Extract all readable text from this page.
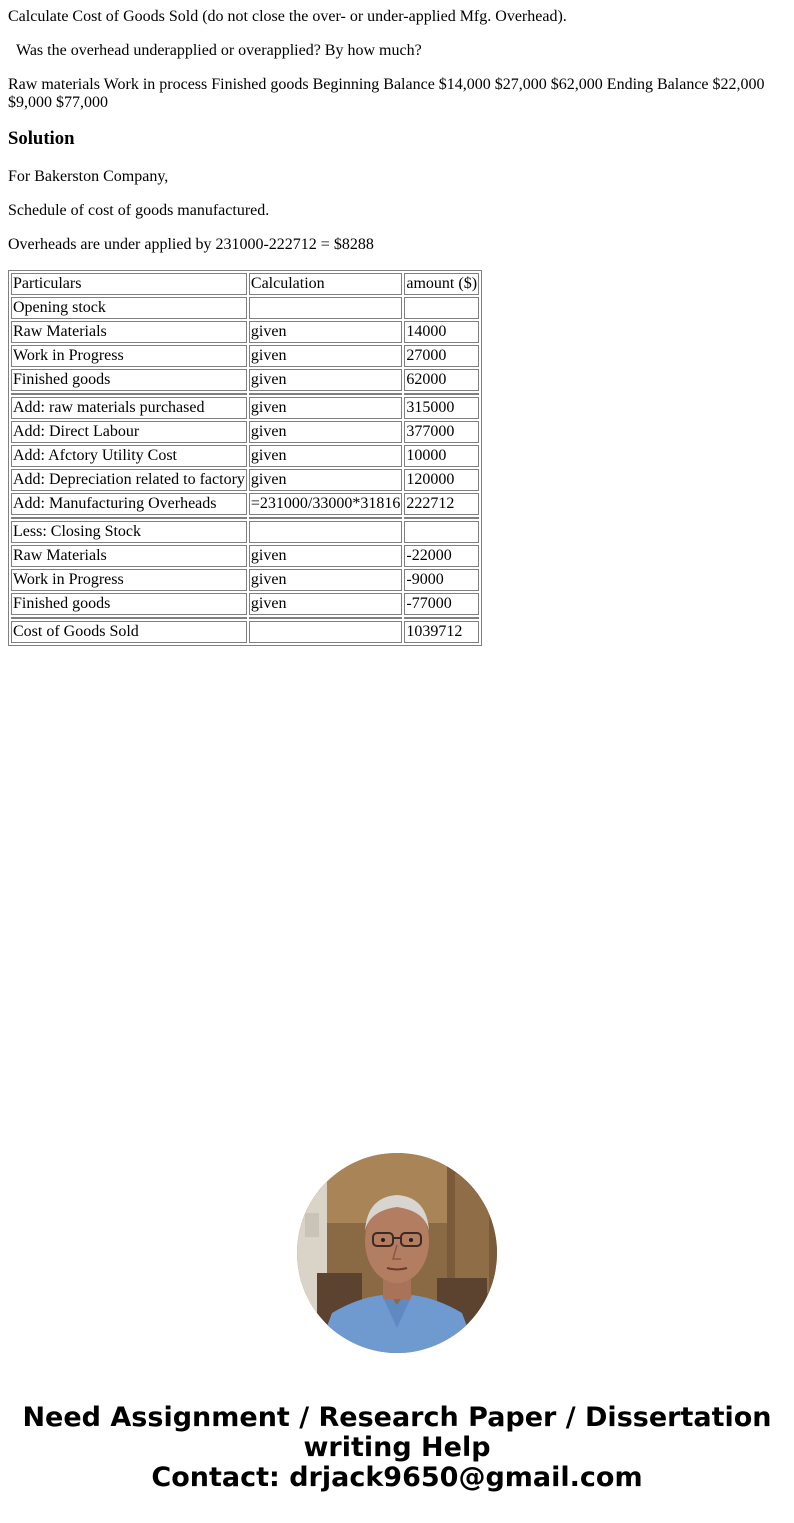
Calculate Cost of Goods Sold (do not close the over- or under-applied Mfg. Overhead).

Was the overhead underapplied or overapplied? By how much?

Raw materials Work in process Finished goods Beginning Balance $14,000 $27,000 $62,000 Ending Balance $22,000 $9,000 $77,000

Solution

For Bakerston Company,

Schedule of cost of goods manufactured.

Overheads are under applied by 231000-222712 = $8288

Particulars	Calculation	amount ($)
Opening stock		
Raw Materials	given	14000
Work in Progress	given	27000
Finished goods	given	62000

Add: raw materials purchased	given	315000
Add: Direct Labour	given	377000
Add: Afctory Utility Cost	given	10000
Add: Depreciation related to factory	given	120000
Add: Manufacturing Overheads	=231000/33000*31816	222712

Less: Closing Stock		
Raw Materials	given	-22000
Work in Progress	given	-9000
Finished goods	given	-77000

Cost of Goods Sold		1039712
Need Assignment / Research Paper / Dissertation
writing Help
Contact: drjack9650@gmail.com
